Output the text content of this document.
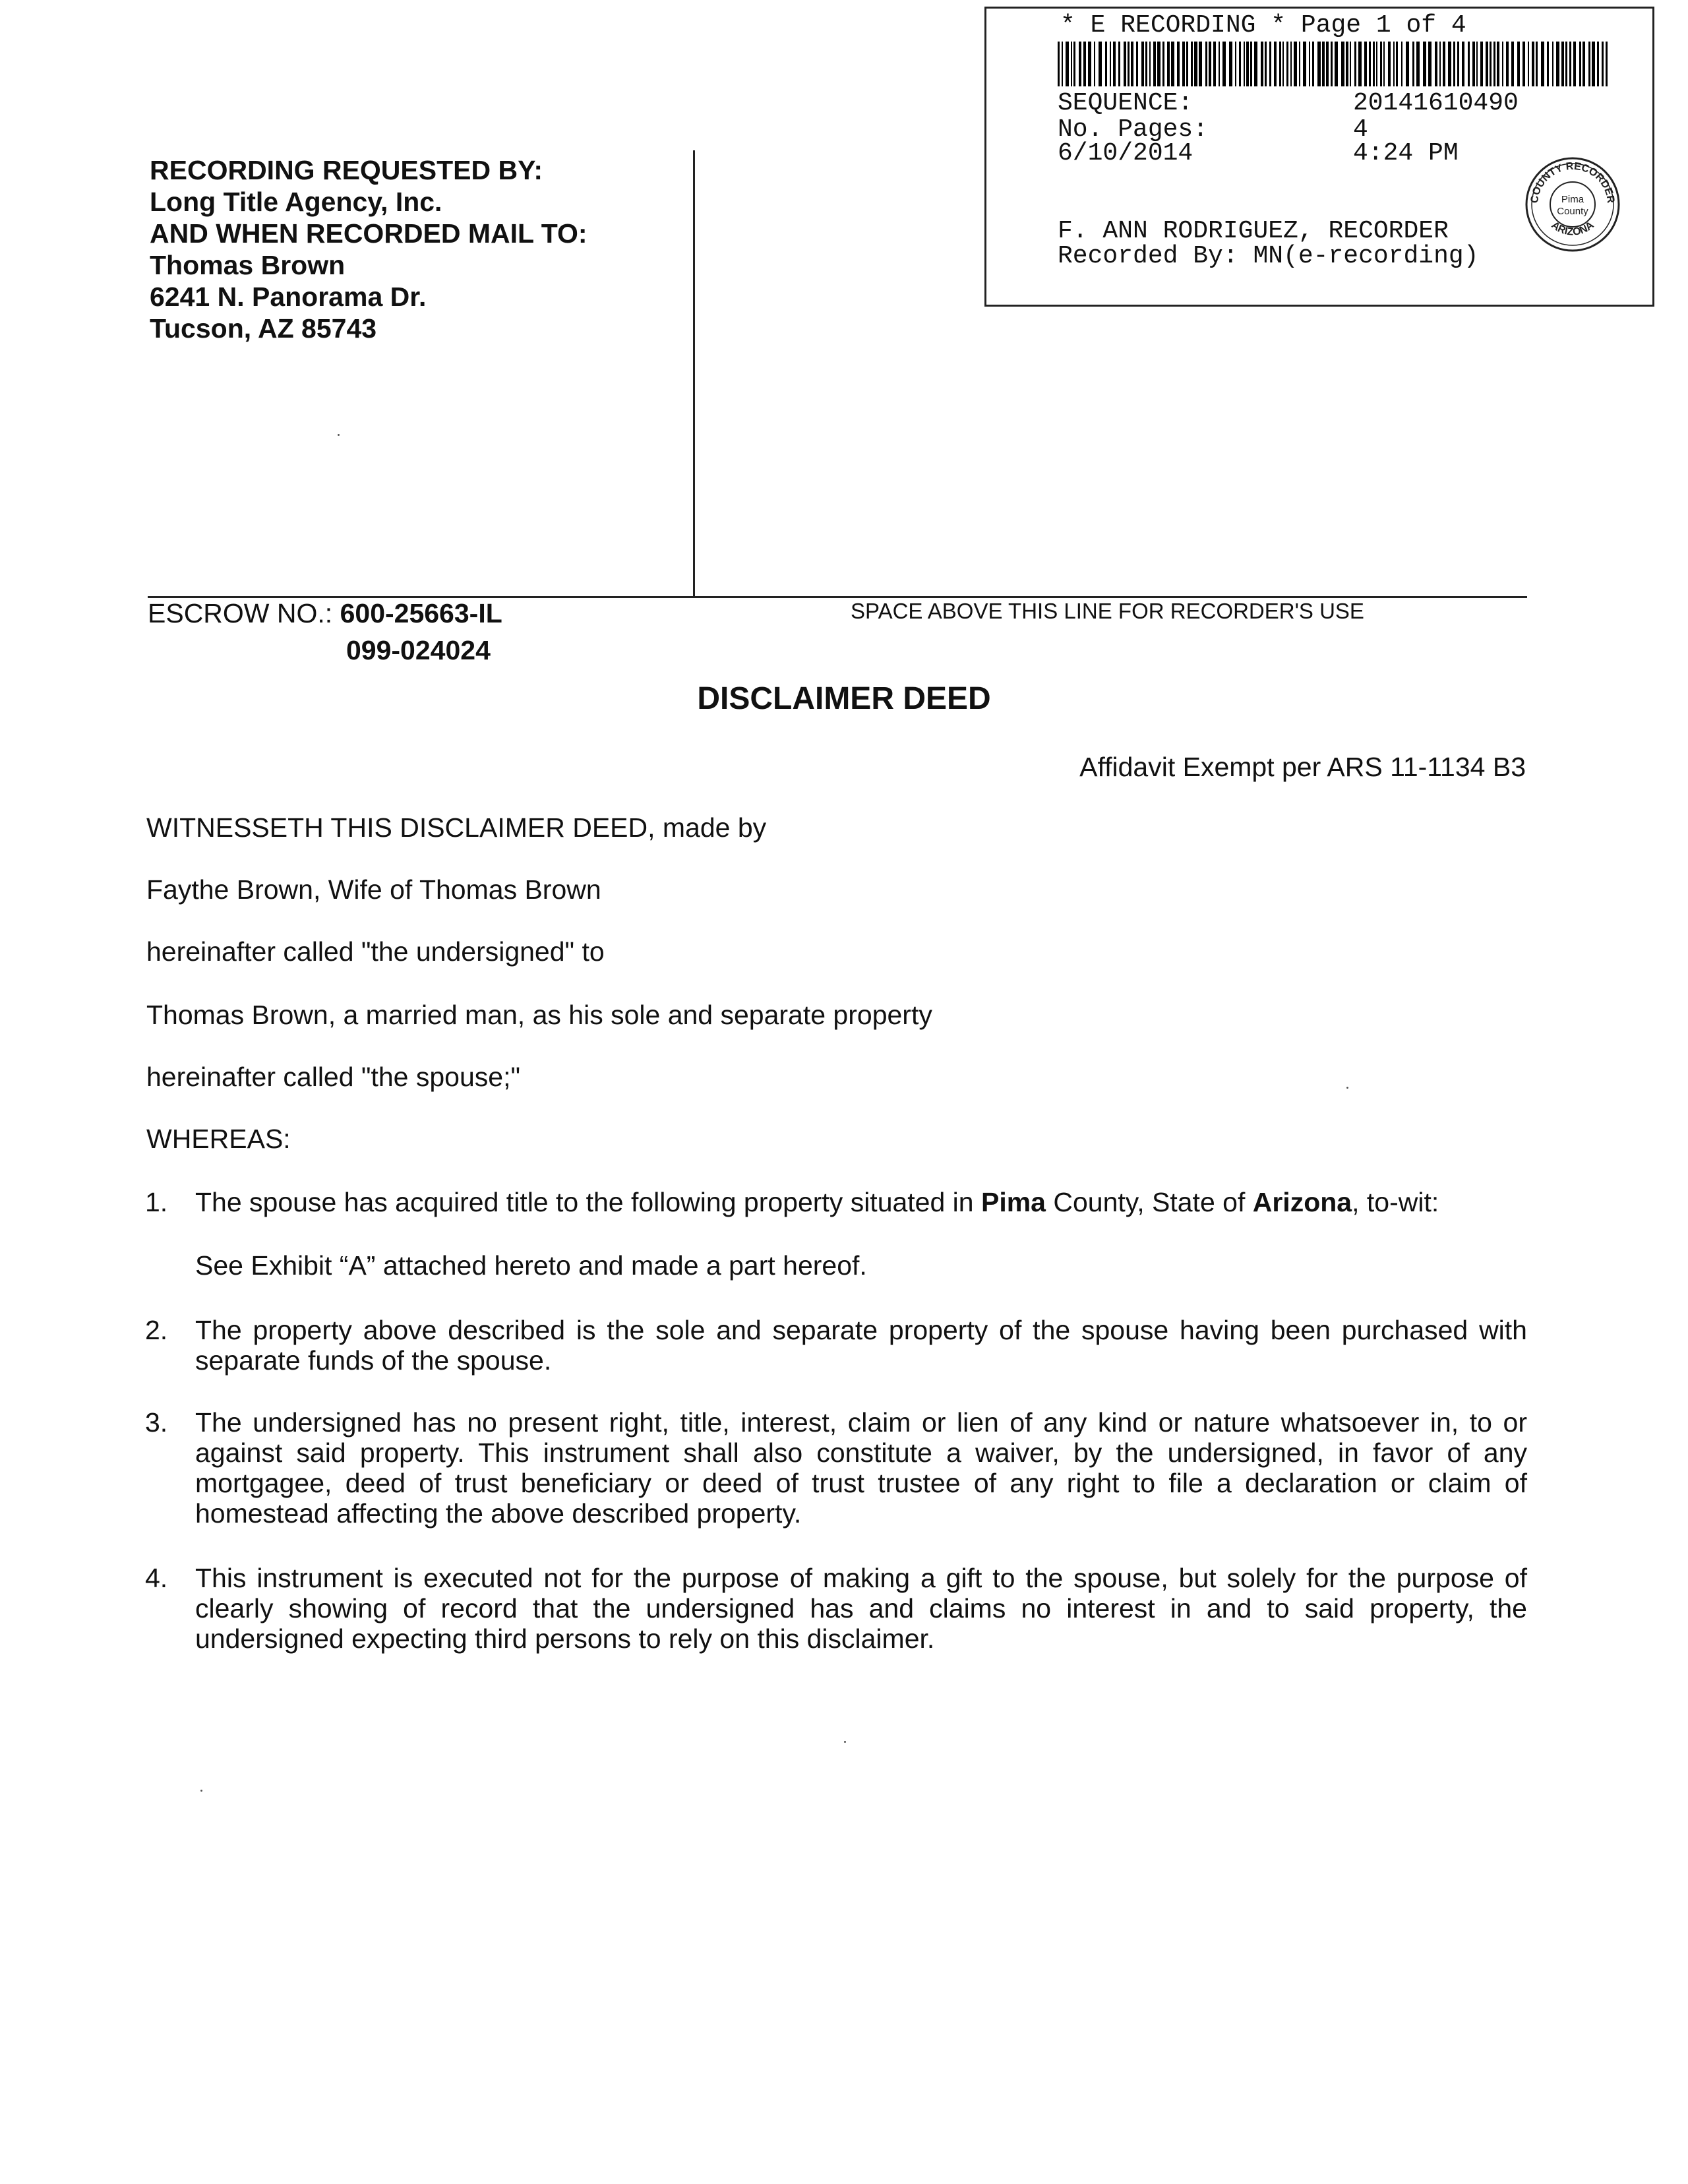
* E RECORDING * Page 1 of 4
SEQUENCE:	20141610490
No. Pages:	4
6/10/2014	4:24 PM
F. ANN RODRIGUEZ, RECORDER
Recorded By: MN(e-recording)
COUNTY RECORDER
Pima
County
ARIZONA
RECORDING REQUESTED BY:
Long Title Agency, Inc.
AND WHEN RECORDED MAIL TO:
Thomas Brown
6241 N. Panorama Dr.
Tucson, AZ 85743
ESCROW NO.: 600-25663-IL
099-024024
SPACE ABOVE THIS LINE FOR RECORDER'S USE
DISCLAIMER DEED
Affidavit Exempt per ARS 11-1134 B3
WITNESSETH THIS DISCLAIMER DEED, made by
Faythe Brown, Wife of Thomas Brown
hereinafter called "the undersigned" to
Thomas Brown, a married man, as his sole and separate property
hereinafter called "the spouse;"
WHEREAS:
1.	The spouse has acquired title to the following property situated in Pima County, State of Arizona, to-wit:
See Exhibit “A” attached hereto and made a part hereof.
2.	The property above described is the sole and separate property of the spouse having been purchased with separate funds of the spouse.
3.	The undersigned has no present right, title, interest, claim or lien of any kind or nature whatsoever in, to or against said property. This instrument shall also constitute a waiver, by the undersigned, in favor of any mortgagee, deed of trust beneficiary or deed of trust trustee of any right to file a declaration or claim of homestead affecting the above described property.
4.	This instrument is executed not for the purpose of making a gift to the spouse, but solely for the purpose of clearly showing of record that the undersigned has and claims no interest in and to said property, the undersigned expecting third persons to rely on this disclaimer.
